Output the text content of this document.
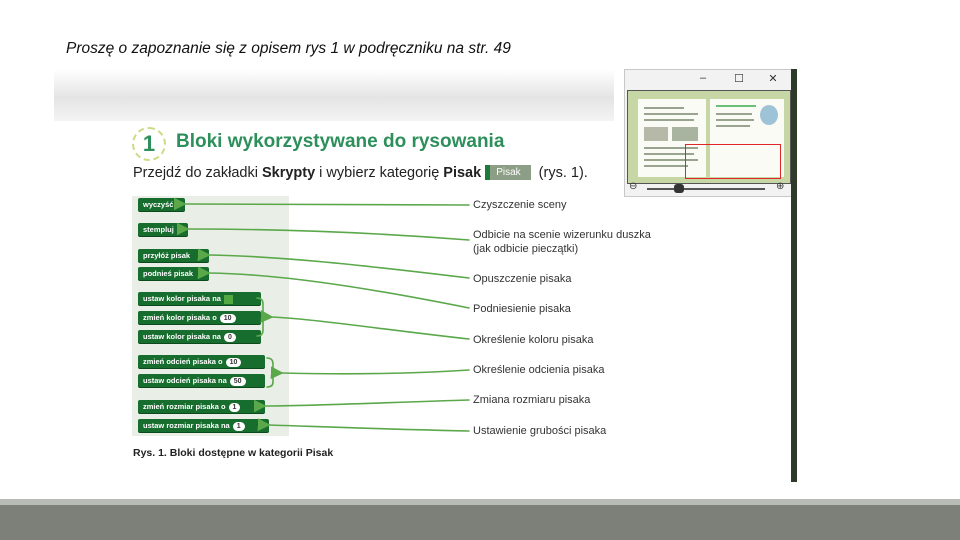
Proszę o zapoznanie się z opisem rys 1 w podręczniku na str. 49
1	Bloki wykorzystywane do rysowania
Przejdź do zakładki Skrypty i wybierz kategorię Pisak Pisak (rys. 1).
wyczyść
stempluj
przyłóż pisak
podnieś pisak
ustaw kolor pisaka na
zmień kolor pisaka o 10
ustaw kolor pisaka na 0
zmień odcień pisaka o 10
ustaw odcień pisaka na 50
zmień rozmiar pisaka o 1
ustaw rozmiar pisaka na 1
Czyszczenie sceny
Odbicie na scenie wizerunku duszka
(jak odbicie pieczątki)
Opuszczenie pisaka
Podniesienie pisaka
Określenie koloru pisaka
Określenie odcienia pisaka
Zmiana rozmiaru pisaka
Ustawienie grubości pisaka
Rys. 1. Bloki dostępne w kategorii Pisak
–	☐	✕
⊖	⊕
